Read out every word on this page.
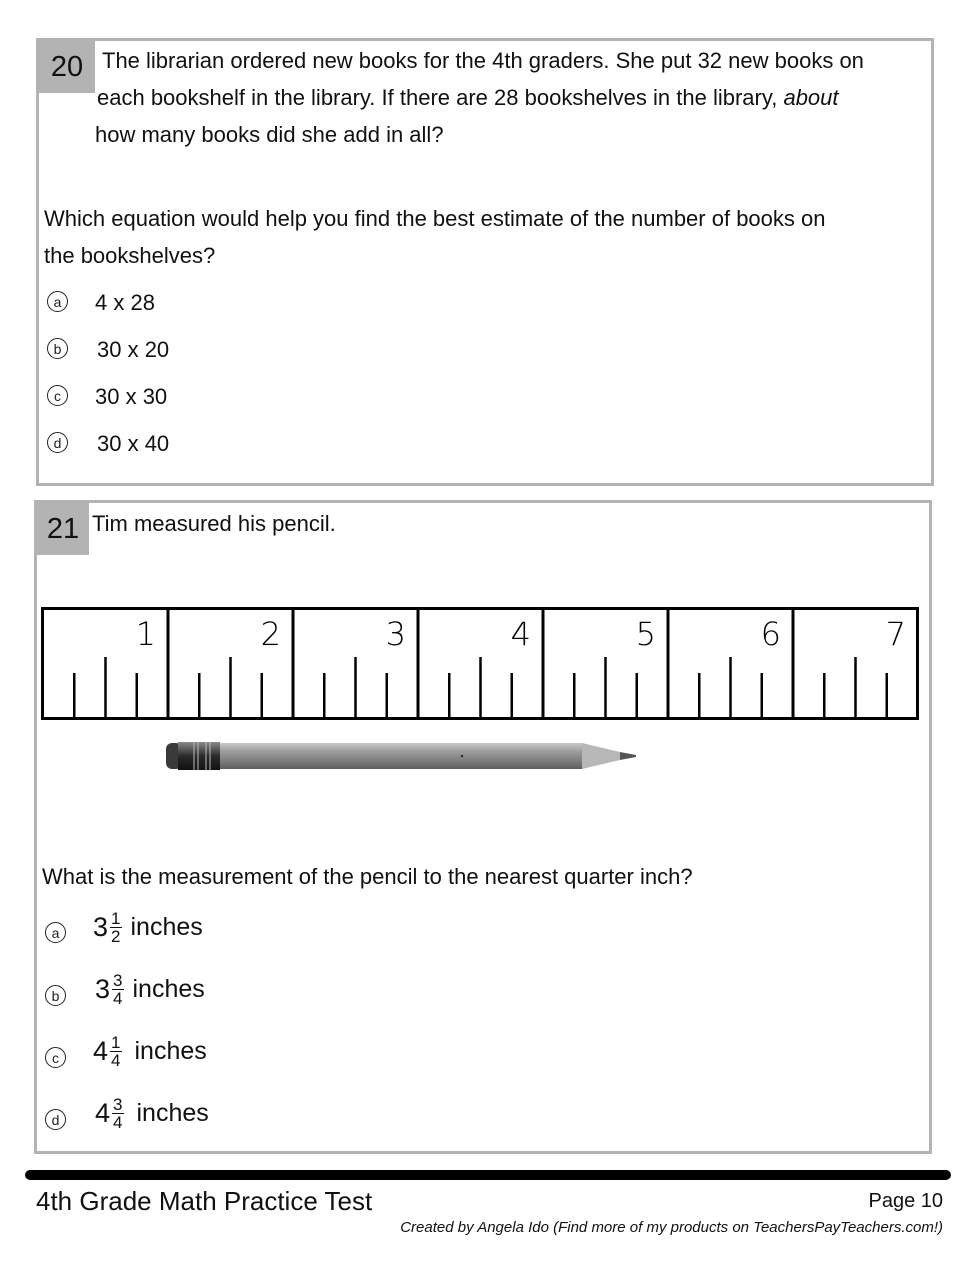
20 The librarian ordered new books for the 4th graders. She put 32 new books on
each bookshelf in the library. If there are 28 bookshelves in the library, about
how many books did she add in all?
Which equation would help you find the best estimate of the number of books on
the bookshelves?
a	4 x 28
b	30 x 20
c	30 x 30
d	30 x 40
21 Tim measured his pencil.
1	2	3	4	5	6	7
What is the measurement of the pencil to the nearest quarter inch?
a $3 \frac{1}{2}$ inches
b $3 \frac{3}{4}$ inches
c $4 \frac{1}{4}$ inches
d $4 \frac{3}{4}$ inches
4th Grade Math Practice Test	Page 10
Created by Angela Ido (Find more of my products on TeachersPayTeachers.com!)
